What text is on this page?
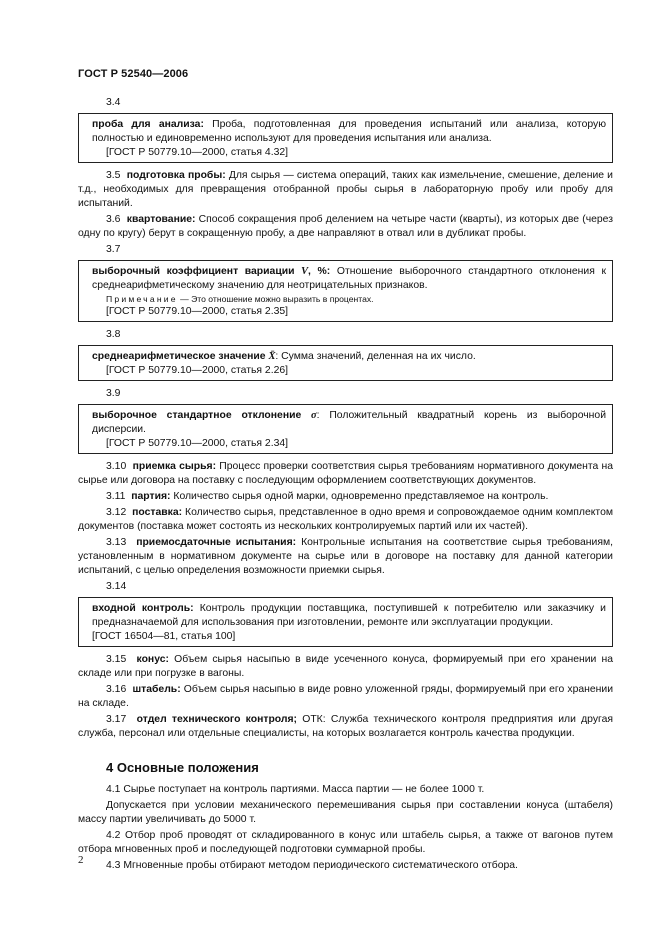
ГОСТ Р 52540—2006

3.4

проба для анализа: Проба, подготовленная для проведения испытаний или анализа, которую полностью и единовременно используют для проведения испытания или анализа.

[ГОСТ Р 50779.10—2000, статья 4.32]

3.5 подготовка пробы: Для сырья — система операций, таких как измельчение, смешение, деление и т.д., необходимых для превращения отобранной пробы сырья в лабораторную пробу или пробу для испытаний.

3.6 квартование: Способ сокращения проб делением на четыре части (кварты), из которых две (через одну по кругу) берут в сокращенную пробу, а две направляют в отвал или в дубликат пробы.

3.7

выборочный коэффициент вариации V, %: Отношение выборочного стандартного отклонения к среднеарифметическому значению для неотрицательных признаков.

Примечание — Это отношение можно выразить в процентах.

[ГОСТ Р 50779.10—2000, статья 2.35]

3.8

среднеарифметическое значение X̄: Сумма значений, деленная на их число.

[ГОСТ Р 50779.10—2000, статья 2.26]

3.9

выборочное стандартное отклонение σ: Положительный квадратный корень из выборочной дисперсии.

[ГОСТ Р 50779.10—2000, статья 2.34]

3.10 приемка сырья: Процесс проверки соответствия сырья требованиям нормативного документа на сырье или договора на поставку с последующим оформлением соответствующих документов.

3.11 партия: Количество сырья одной марки, одновременно представляемое на контроль.

3.12 поставка: Количество сырья, представленное в одно время и сопровождаемое одним комплектом документов (поставка может состоять из нескольких контролируемых партий или их частей).

3.13 приемосдаточные испытания: Контрольные испытания на соответствие сырья требованиям, установленным в нормативном документе на сырье или в договоре на поставку для данной категории испытаний, с целью определения возможности приемки сырья.

3.14

входной контроль: Контроль продукции поставщика, поступившей к потребителю или заказчику и предназначаемой для использования при изготовлении, ремонте или эксплуатации продукции.

[ГОСТ 16504—81, статья 100]

3.15 конус: Объем сырья насыпью в виде усеченного конуса, формируемый при его хранении на складе или при погрузке в вагоны.

3.16 штабель: Объем сырья насыпью в виде ровно уложенной гряды, формируемый при его хранении на складе.

3.17 отдел технического контроля; ОТК: Служба технического контроля предприятия или другая служба, персонал или отдельные специалисты, на которых возлагается контроль качества продукции.

4 Основные положения

4.1 Сырье поступает на контроль партиями. Масса партии — не более 1000 т.

Допускается при условии механического перемешивания сырья при составлении конуса (штабеля) массу партии увеличивать до 5000 т.

4.2 Отбор проб проводят от складированного в конус или штабель сырья, а также от вагонов путем отбора мгновенных проб и последующей подготовки суммарной пробы.

4.3 Мгновенные пробы отбирают методом периодического систематического отбора.

2
